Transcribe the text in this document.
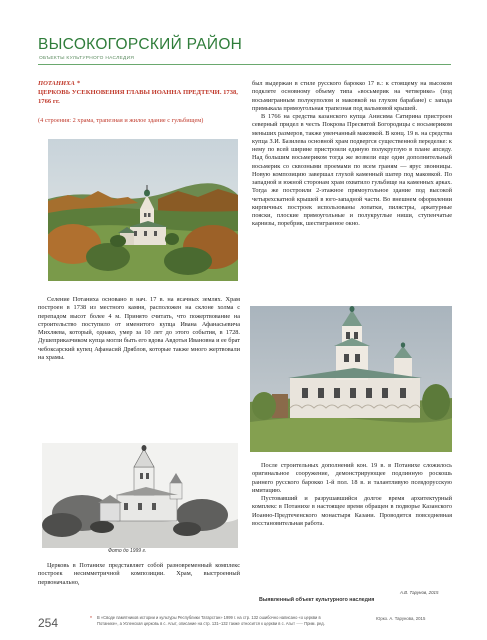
ВЫСОКОГОРСКИЙ РАЙОН
ОБЪЕКТЫ КУЛЬТУРНОГО НАСЛЕДИЯ
ПОТАНИХА *
ЦЕРКОВЬ УСЕКНОВЕНИЯ ГЛАВЫ ИОАННА ПРЕДТЕЧИ. 1738, 1766 гг.
(4 строения: 2 храма, трапезная и жилое здание с гульбищем)

Селение Потаниха основано в нач. 17 в. на ясачных землях. Храм построен в 1738 из местного камня, расположен на склоне холма с перепадом высот более 4 м. Принято считать, что пожертвование на строительство поступило от именитого купца Ивана Афанасьевича Михляева, который, однако, умер за 10 лет до этого события, в 1728. Душеприказчиком купца могли быть его вдова Авдотья Ивановна и ее брат чебоксарский купец Афанасий Дряблов, которые также много жертвовали на храмы.

Фото до 1999 г.

Церковь в Потанихе представляет собой разновременный комплекс построек несимметричной композиции. Храм, выстроенный первоначально,

был выдержан в стиле русского барокко 17 в.: к стоящему на высоком подклете основному объему типа «восьмерик на четверике» (под восьмигранным полукуполом и маковкой на глухом барабане) с запада примыкала прямоугольная трапезная под вальмовой крышей.

В 1766 на средства казанского купца Анисима Сатирина пристроен северный придел в честь Покрова Пресвятой Богородицы с восьмериком меньших размеров, также увенчанный маковкой. В конц. 19 в. на средства купца З.И. Базилева основной храм подвергся существенной переделке: к нему по всей ширине пристроили единую полукруглую в плане апсиду. Над большим восьмериком тогда же возвели еще один дополнительный восьмерик со сквозными проемами по всем граням — ярус звонницы. Новую композицию завершал глухой каменный шатер под маковкой. По западной и южной сторонам храм охватило гульбище на каменных арках. Тогда же построили 2-этажное прямоугольное здание под высокой четырехскатной крышей в юго-западной части. Во внешнем оформлении кирпичных построек использованы лопатки, пилястры, аркатурные пояски, плоские прямоугольные и полукруглые ниши, ступенчатые карнизы, поребрик, шестигранное окно.

После строительных дополнений кон. 19 в. в Потанихе сложилось оригинальное сооружение, демонстрирующее подлинную роскошь раннего русского барокко 1-й пол. 18 в. и талантливую псевдорусскую имитацию.

Пустовавший и разрушавшийся долгое время архитектурный комплекс в Потанихе в настоящее время обращен в подворье Казанского Иоанно-Предтеченского монастыря Казани. Проводится повседневная восстановительная работа.

А.В. Тарунов, 2015
Выявленный объект культурного наследия
254	* В «Своде памятников истории и культуры Республики Татарстан» 1999 г. на стр. 132 ошибочно написано «о церкви в Потанихе», а Успенская церковь в с. Агыт, описание на стр. 131–132 также относится к церкви в с. Агыт ⸺ Прим. ред.
Юрко. А. Тарунова, 2015
